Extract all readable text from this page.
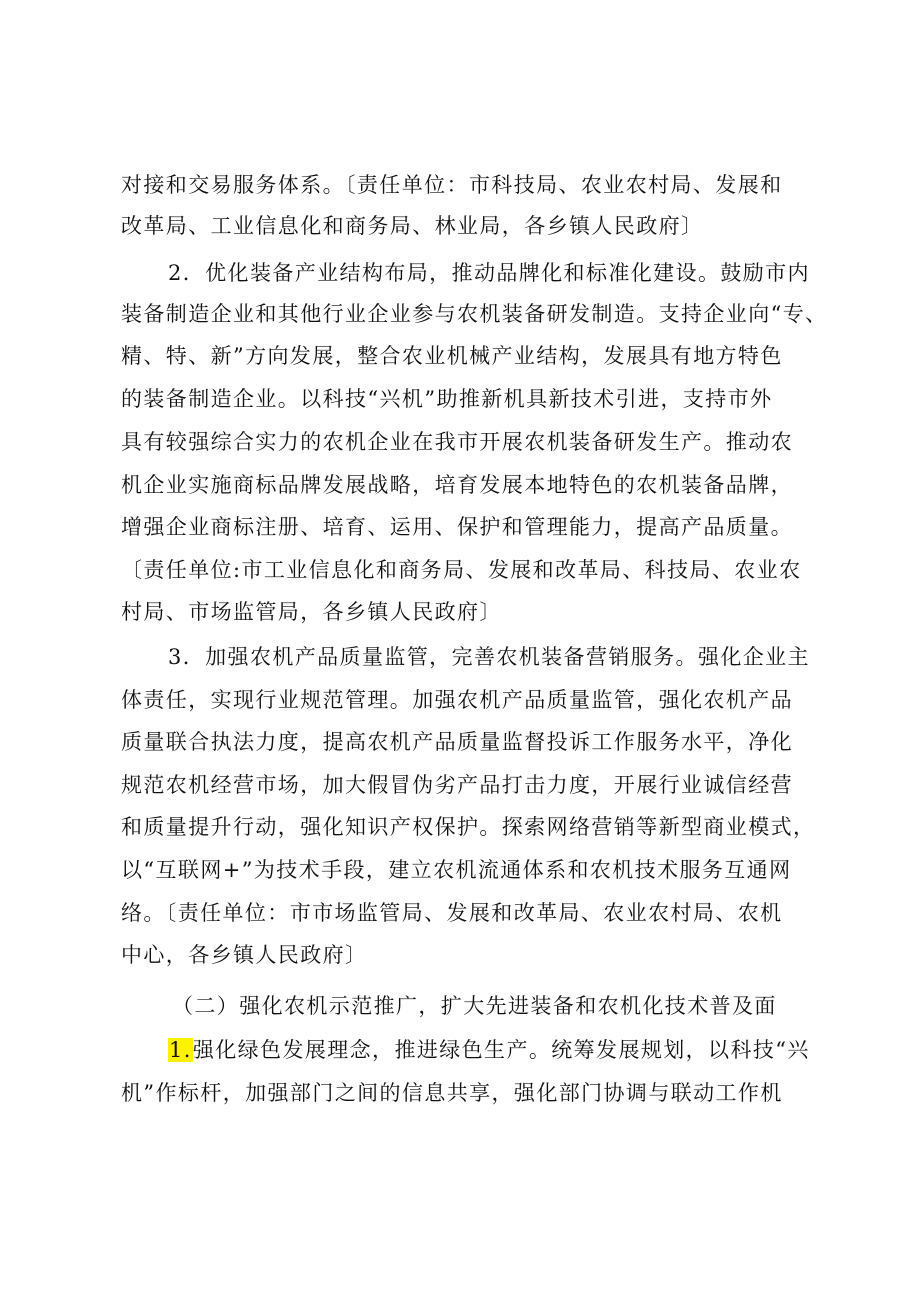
对接和交易服务体系。〔责任单位：市科技局、农业农村局、发展和
改革局、工业信息化和商务局、林业局，各乡镇人民政府〕
2．优化装备产业结构布局，推动品牌化和标准化建设。鼓励市内
装备制造企业和其他行业企业参与农机装备研发制造。支持企业向“专、
精、特、新”方向发展，整合农业机械产业结构，发展具有地方特色
的装备制造企业。以科技“兴机”助推新机具新技术引进，支持市外
具有较强综合实力的农机企业在我市开展农机装备研发生产。推动农
机企业实施商标品牌发展战略，培育发展本地特色的农机装备品牌，
增强企业商标注册、培育、运用、保护和管理能力，提高产品质量。
〔责任单位:市工业信息化和商务局、发展和改革局、科技局、农业农
村局、市场监管局，各乡镇人民政府〕
3．加强农机产品质量监管，完善农机装备营销服务。强化企业主
体责任，实现行业规范管理。加强农机产品质量监管，强化农机产品
质量联合执法力度，提高农机产品质量监督投诉工作服务水平，净化
规范农机经营市场，加大假冒伪劣产品打击力度，开展行业诚信经营
和质量提升行动，强化知识产权保护。探索网络营销等新型商业模式，
以“互联网+”为技术手段，建立农机流通体系和农机技术服务互通网
络。〔责任单位：市市场监管局、发展和改革局、农业农村局、农机
中心，各乡镇人民政府〕
（二）强化农机示范推广，扩大先进装备和农机化技术普及面
1.强化绿色发展理念，推进绿色生产。统筹发展规划，以科技“兴
机”作标杆，加强部门之间的信息共享，强化部门协调与联动工作机
